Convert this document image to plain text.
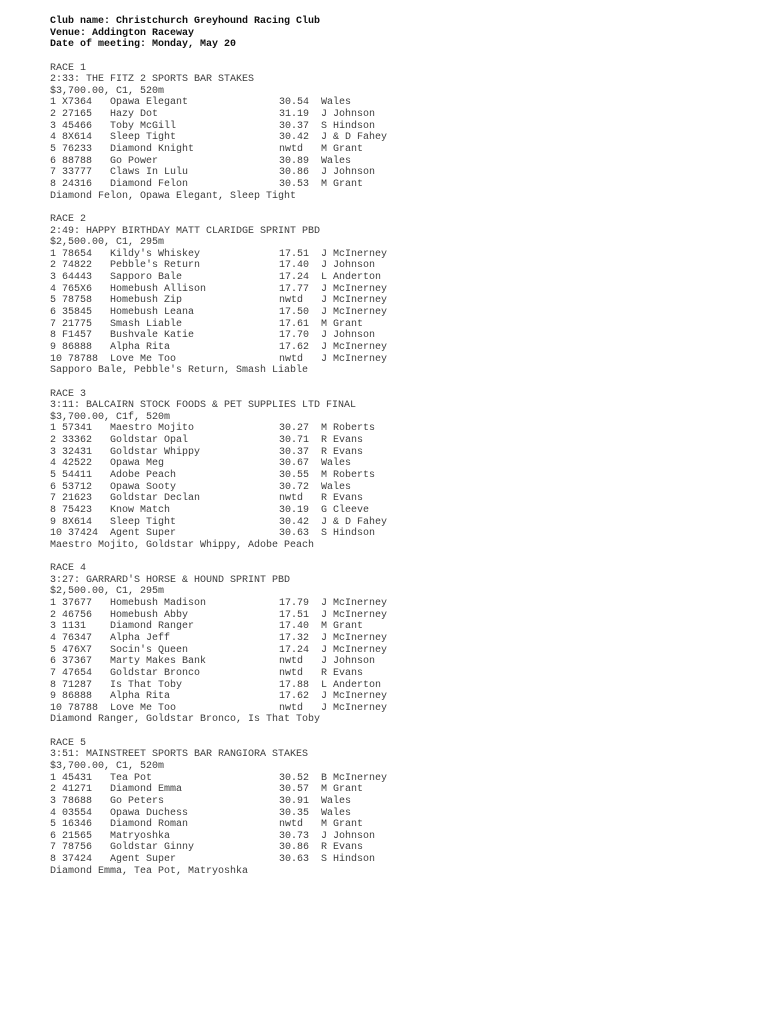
Club name: Christchurch Greyhound Racing Club
Venue: Addington Raceway
Date of meeting: Monday, May 20
RACE 1
2:33: THE FITZ 2 SPORTS BAR STAKES
$3,700.00, C1, 520m
1 X7364 Opawa Elegant	30.54 Wales
2 27165 Hazy Dot	31.19 J Johnson
3 45466 Toby McGill	30.37 S Hindson
4 8X614 Sleep Tight	30.42 J & D Fahey
5 76233 Diamond Knight	nwtd M Grant
6 88788 Go Power	30.89 Wales
7 33777 Claws In Lulu	30.86 J Johnson
8 24316 Diamond Felon	30.53 M Grant
Diamond Felon, Opawa Elegant, Sleep Tight
RACE 2
2:49: HAPPY BIRTHDAY MATT CLARIDGE SPRINT PBD
$2,500.00, C1, 295m
1 78654 Kildy's Whiskey	17.51 J McInerney
2 74822 Pebble's Return	17.40 J Johnson
3 64443 Sapporo Bale	17.24 L Anderton
4 765X6 Homebush Allison	17.77 J McInerney
5 78758 Homebush Zip	nwtd J McInerney
6 35845 Homebush Leana	17.50 J McInerney
7 21775 Smash Liable	17.61 M Grant
8 F1457 Bushvale Katie	17.70 J Johnson
9 86888 Alpha Rita	17.62 J McInerney
10 78788 Love Me Too	nwtd J McInerney
Sapporo Bale, Pebble's Return, Smash Liable
RACE 3
3:11: BALCAIRN STOCK FOODS & PET SUPPLIES LTD FINAL
$3,700.00, C1f, 520m
1 57341 Maestro Mojito	30.27 M Roberts
2 33362 Goldstar Opal	30.71 R Evans
3 32431 Goldstar Whippy	30.37 R Evans
4 42522 Opawa Meg	30.67 Wales
5 54411 Adobe Peach	30.55 M Roberts
6 53712 Opawa Sooty	30.72 Wales
7 21623 Goldstar Declan	nwtd R Evans
8 75423 Know Match	30.19 G Cleeve
9 8X614 Sleep Tight	30.42 J & D Fahey
10 37424 Agent Super	30.63 S Hindson
Maestro Mojito, Goldstar Whippy, Adobe Peach
RACE 4
3:27: GARRARD'S HORSE & HOUND SPRINT PBD
$2,500.00, C1, 295m
1 37677 Homebush Madison	17.79 J McInerney
2 46756 Homebush Abby	17.51 J McInerney
3 1131 Diamond Ranger	17.40 M Grant
4 76347 Alpha Jeff	17.32 J McInerney
5 476X7 Socin's Queen	17.24 J McInerney
6 37367 Marty Makes Bank	nwtd J Johnson
7 47654 Goldstar Bronco	nwtd R Evans
8 71287 Is That Toby	17.88 L Anderton
9 86888 Alpha Rita	17.62 J McInerney
10 78788 Love Me Too	nwtd J McInerney
Diamond Ranger, Goldstar Bronco, Is That Toby
RACE 5
3:51: MAINSTREET SPORTS BAR RANGIORA STAKES
$3,700.00, C1, 520m
1 45431 Tea Pot	30.52 B McInerney
2 41271 Diamond Emma	30.57 M Grant
3 78688 Go Peters	30.91 Wales
4 03554 Opawa Duchess	30.35 Wales
5 16346 Diamond Roman	nwtd M Grant
6 21565 Matryoshka	30.73 J Johnson
7 78756 Goldstar Ginny	30.86 R Evans
8 37424 Agent Super	30.63 S Hindson
Diamond Emma, Tea Pot, Matryoshka
